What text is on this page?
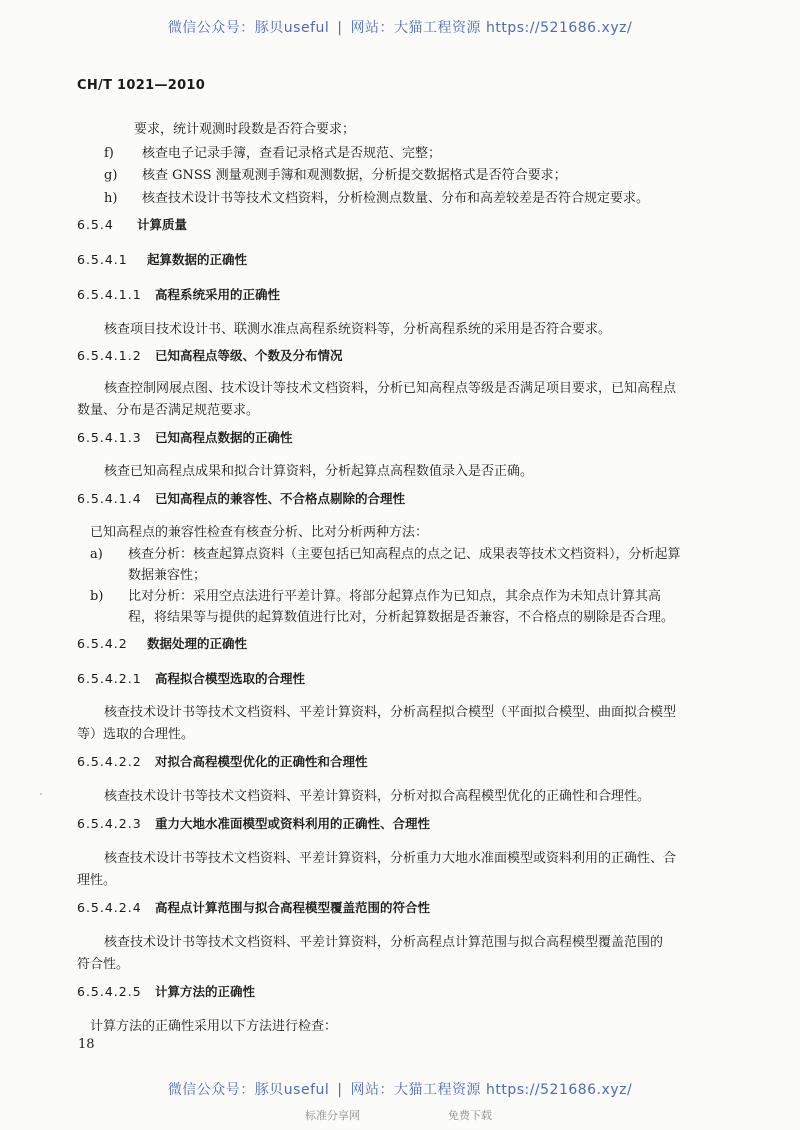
微信公众号：豚贝useful | 网站：大猫工程资源 https://521686.xyz/
CH/T 1021—2010
要求，统计观测时段数是否符合要求；
f) 核查电子记录手簿，查看记录格式是否规范、完整；
g) 核查 GNSS 测量观测手簿和观测数据，分析提交数据格式是否符合要求；
h) 核查技术设计书等技术文档资料，分析检测点数量、分布和高差较差是否符合规定要求。
6.5.4 计算质量
6.5.4.1 起算数据的正确性
6.5.4.1.1 高程系统采用的正确性
核查项目技术设计书、联测水准点高程系统资料等，分析高程系统的采用是否符合要求。
6.5.4.1.2 已知高程点等级、个数及分布情况
核查控制网展点图、技术设计等技术文档资料，分析已知高程点等级是否满足项目要求，已知高程点
数量、分布是否满足规范要求。
6.5.4.1.3 已知高程点数据的正确性
核查已知高程点成果和拟合计算资料，分析起算点高程数值录入是否正确。
6.5.4.1.4 已知高程点的兼容性、不合格点剔除的合理性
已知高程点的兼容性检查有核查分析、比对分析两种方法：
a) 核查分析：核查起算点资料（主要包括已知高程点的点之记、成果表等技术文档资料），分析起算
数据兼容性；
b) 比对分析：采用空点法进行平差计算。将部分起算点作为已知点，其余点作为未知点计算其高
程，将结果等与提供的起算数值进行比对，分析起算数据是否兼容，不合格点的剔除是否合理。
6.5.4.2 数据处理的正确性
6.5.4.2.1 高程拟合模型选取的合理性
核查技术设计书等技术文档资料、平差计算资料，分析高程拟合模型（平面拟合模型、曲面拟合模型
等）选取的合理性。
6.5.4.2.2 对拟合高程模型优化的正确性和合理性
核查技术设计书等技术文档资料、平差计算资料，分析对拟合高程模型优化的正确性和合理性。
6.5.4.2.3 重力大地水准面模型或资料利用的正确性、合理性
核查技术设计书等技术文档资料、平差计算资料，分析重力大地水准面模型或资料利用的正确性、合
理性。
6.5.4.2.4 高程点计算范围与拟合高程模型覆盖范围的符合性
核查技术设计书等技术文档资料、平差计算资料，分析高程点计算范围与拟合高程模型覆盖范围的
符合性。
6.5.4.2.5 计算方法的正确性
计算方法的正确性采用以下方法进行检查：
18
微信公众号：豚贝useful | 网站：大猫工程资源 https://521686.xyz/
标准分享网	免费下载
